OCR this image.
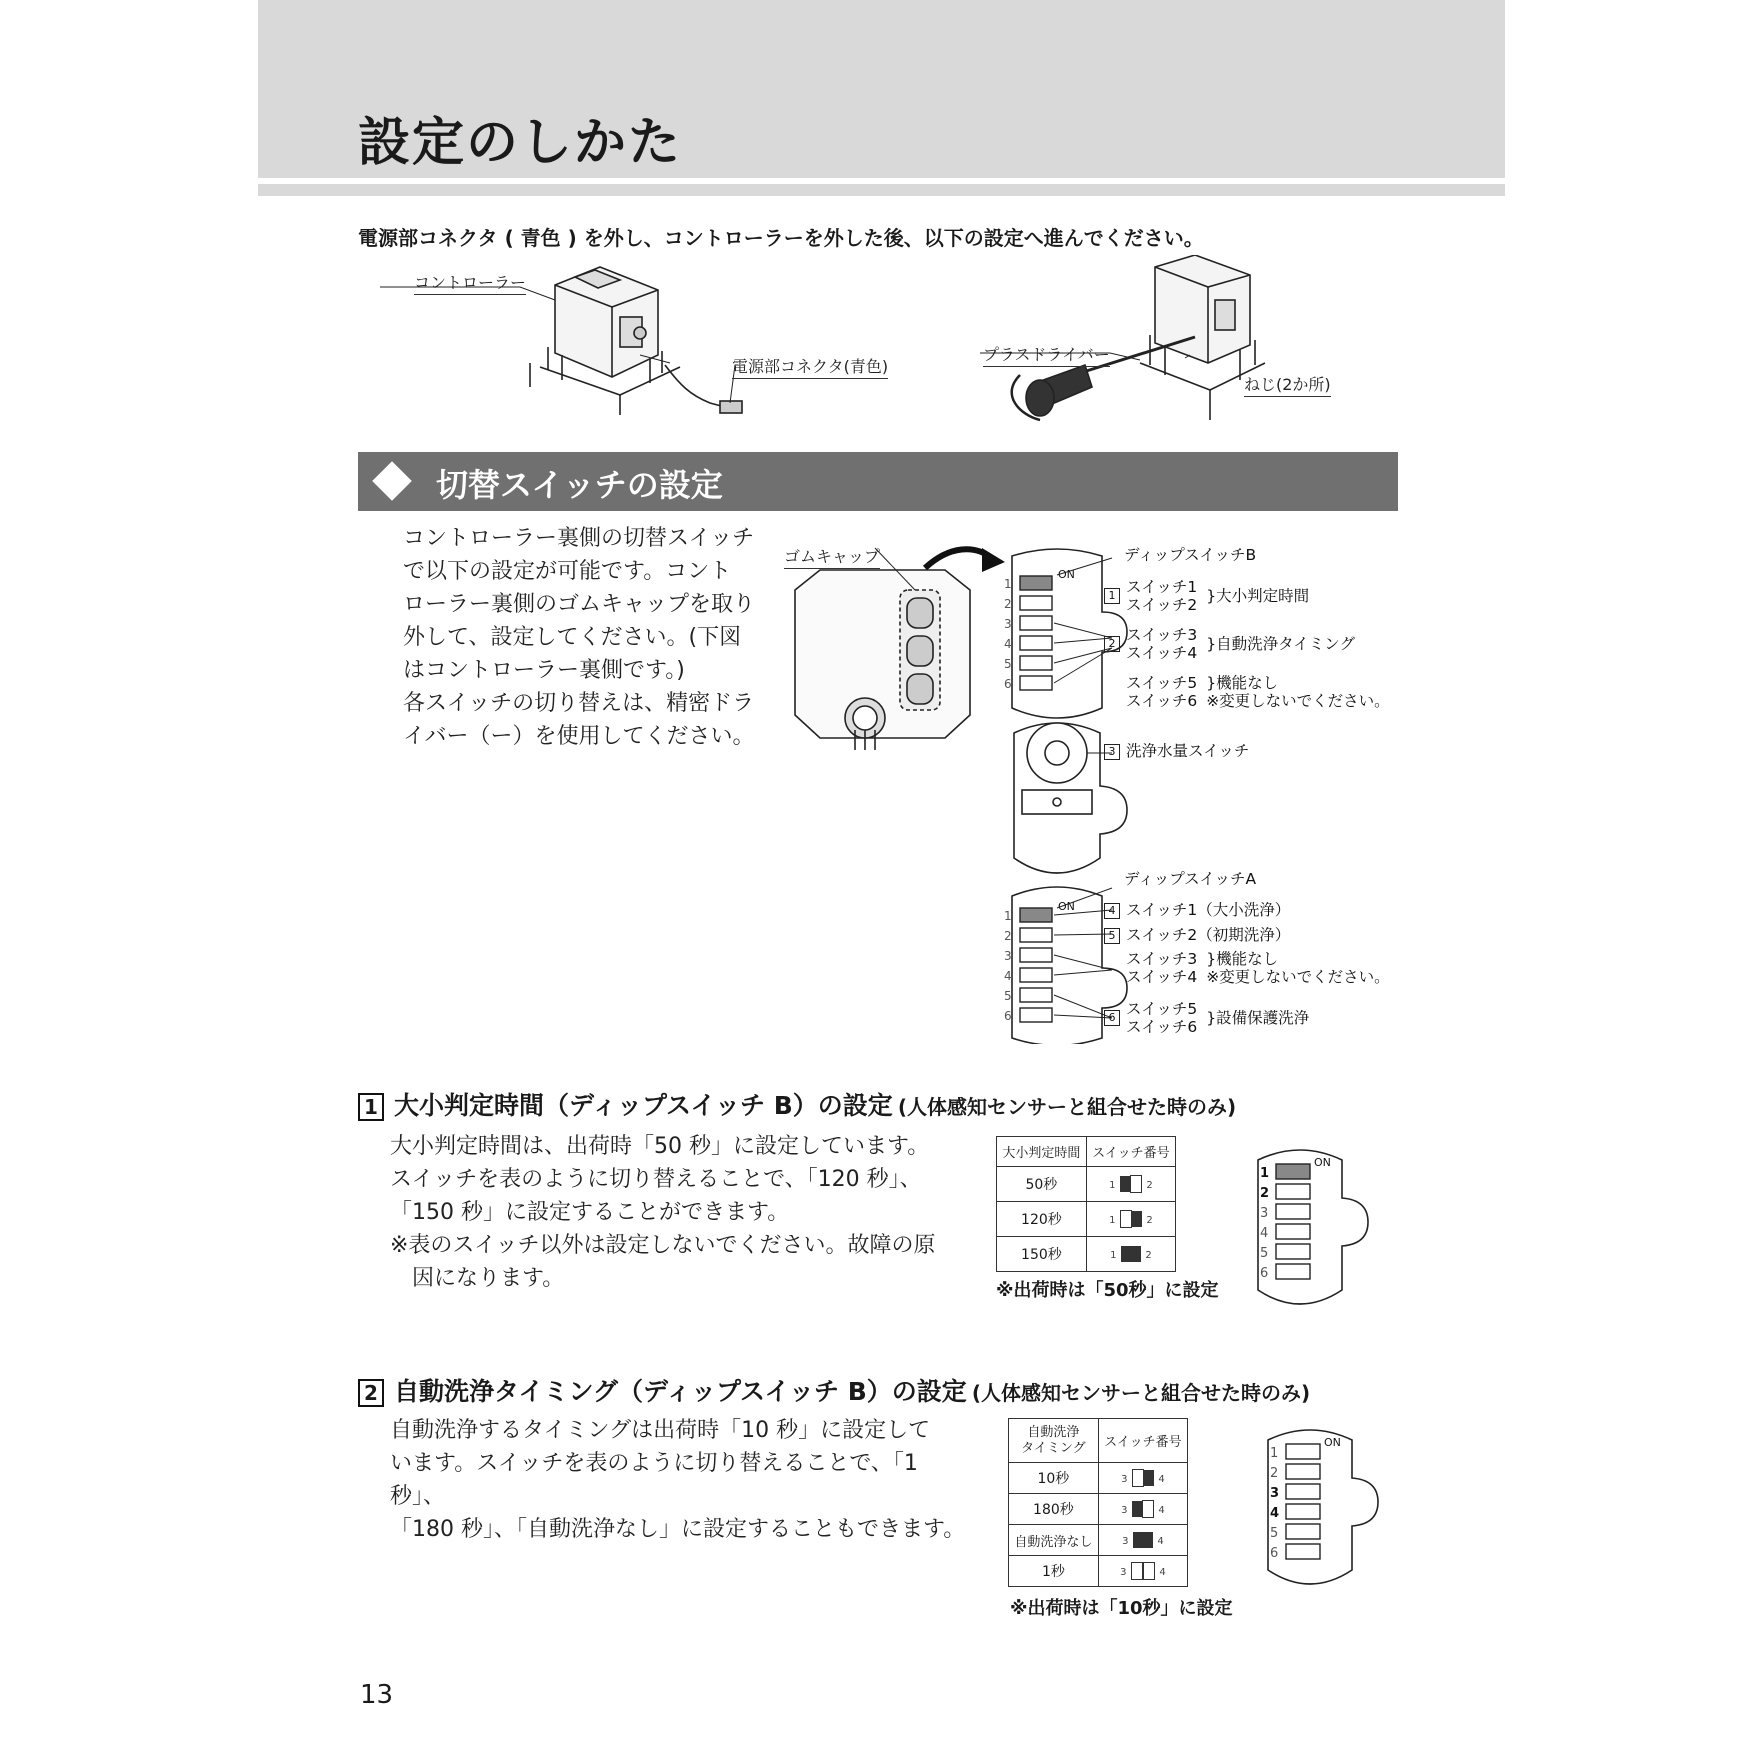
設定のしかた
電源部コネクタ ( 青色 ) を外し、コントローラーを外した後、以下の設定へ進んでください。
コントローラー
電源部コネクタ(青色)
プラスドライバー
ねじ(2か所)
切替スイッチの設定
コントローラー裏側の切替スイッチ
で以下の設定が可能です。コント
ローラー裏側のゴムキャップを取り
外して、設定してください。(下図
はコントローラー裏側です。)
各スイッチの切り替えは、精密ドラ
イバー（ー）を使用してください。
ゴムキャップ
1
2
3
4
5
6
1
2
3
4
5
6
ON
ON
ディップスイッチB
1 スイッチ1
スイッチ2 }大小判定時間
2 スイッチ3
スイッチ4 }自動洗浄タイミング
スイッチ5
スイッチ6
}機能なし
※変更しないでください。
3 洗浄水量スイッチ
ディップスイッチA
4 スイッチ1（大小洗浄）
5 スイッチ2（初期洗浄）
スイッチ3
スイッチ4
}機能なし
※変更しないでください。
6 スイッチ5
スイッチ6 }設備保護洗浄
1 大小判定時間（ディップスイッチ B）の設定 (人体感知センサーと組合せた時のみ)
大小判定時間は、出荷時「50 秒」に設定しています。
スイッチを表のように切り替えることで、「120 秒」、
「150 秒」に設定することができます。
※表のスイッチ以外は設定しないでください。故障の原
因になります。
大小判定時間	スイッチ番号
50秒	1 2
120秒	1 2
150秒	1 2
※出荷時は「50秒」に設定
1
2
3
4
5
6
ON
2 自動洗浄タイミング（ディップスイッチ B）の設定 (人体感知センサーと組合せた時のみ)
自動洗浄するタイミングは出荷時「10 秒」に設定して
います。スイッチを表のように切り替えることで、「1 秒」、
「180 秒」、「自動洗浄なし」に設定することもできます。
自動洗浄
タイミング	スイッチ番号
10秒	3 4
180秒	3 4
自動洗浄なし	3 4
1秒	3 4
※出荷時は「10秒」に設定
1
2
3
4
5
6
ON
13
